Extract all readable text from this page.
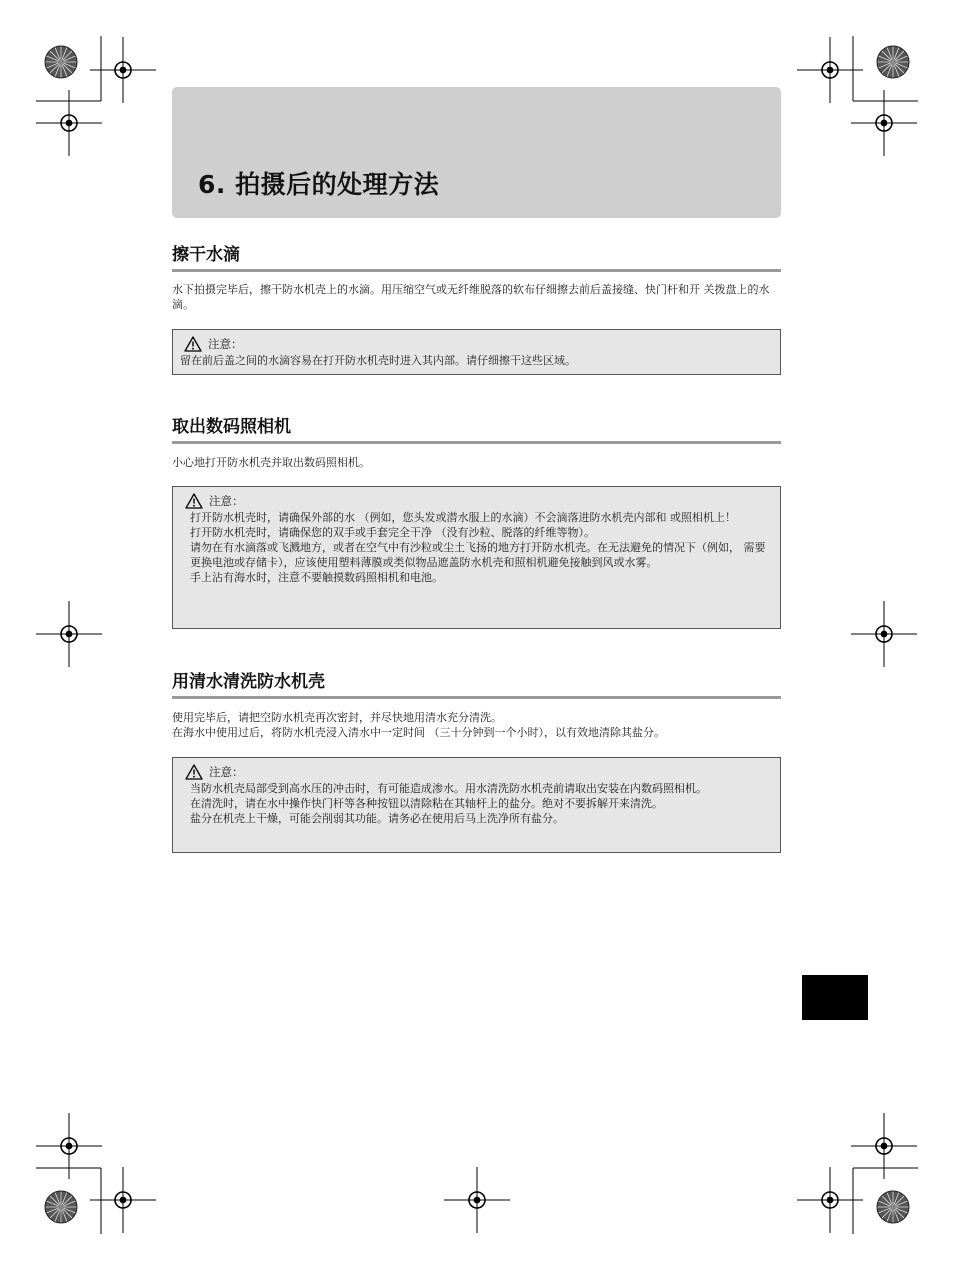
6. 拍摄后的处理方法
擦干水滴

水下拍摄完毕后，擦干防水机壳上的水滴。用压缩空气或无纤维脱落的软布仔细擦去前后盖接缝、快门杆和开 关拨盘上的水滴。

注意：

留在前后盖之间的水滴容易在打开防水机壳时进入其内部。请仔细擦干这些区域。

取出数码照相机

小心地打开防水机壳并取出数码照相机。

注意：

打开防水机壳时，请确保外部的水 （例如，您头发或潜水服上的水滴）不会滴落进防水机壳内部和 或照相机上！

打开防水机壳时，请确保您的双手或手套完全干净 （没有沙粒、脱落的纤维等物）。

请勿在有水滴落或飞溅地方，或者在空气中有沙粒或尘土飞扬的地方打开防水机壳。在无法避免的情况下（例如， 需要更换电池或存储卡），应该使用塑料薄膜或类似物品遮盖防水机壳和照相机避免接触到风或水雾。

手上沾有海水时，注意不要触摸数码照相机和电池。

用清水清洗防水机壳

使用完毕后，请把空防水机壳再次密封，并尽快地用清水充分清洗。

在海水中使用过后，将防水机壳浸入清水中一定时间 （三十分钟到一个小时），以有效地清除其盐分。

注意：

当防水机壳局部受到高水压的冲击时，有可能造成渗水。用水清洗防水机壳前请取出安装在内数码照相机。

在清洗时，请在水中操作快门杆等各种按钮以清除粘在其轴杆上的盐分。绝对不要拆解开来清洗。

盐分在机壳上干燥，可能会削弱其功能。请务必在使用后马上洗净所有盐分。
